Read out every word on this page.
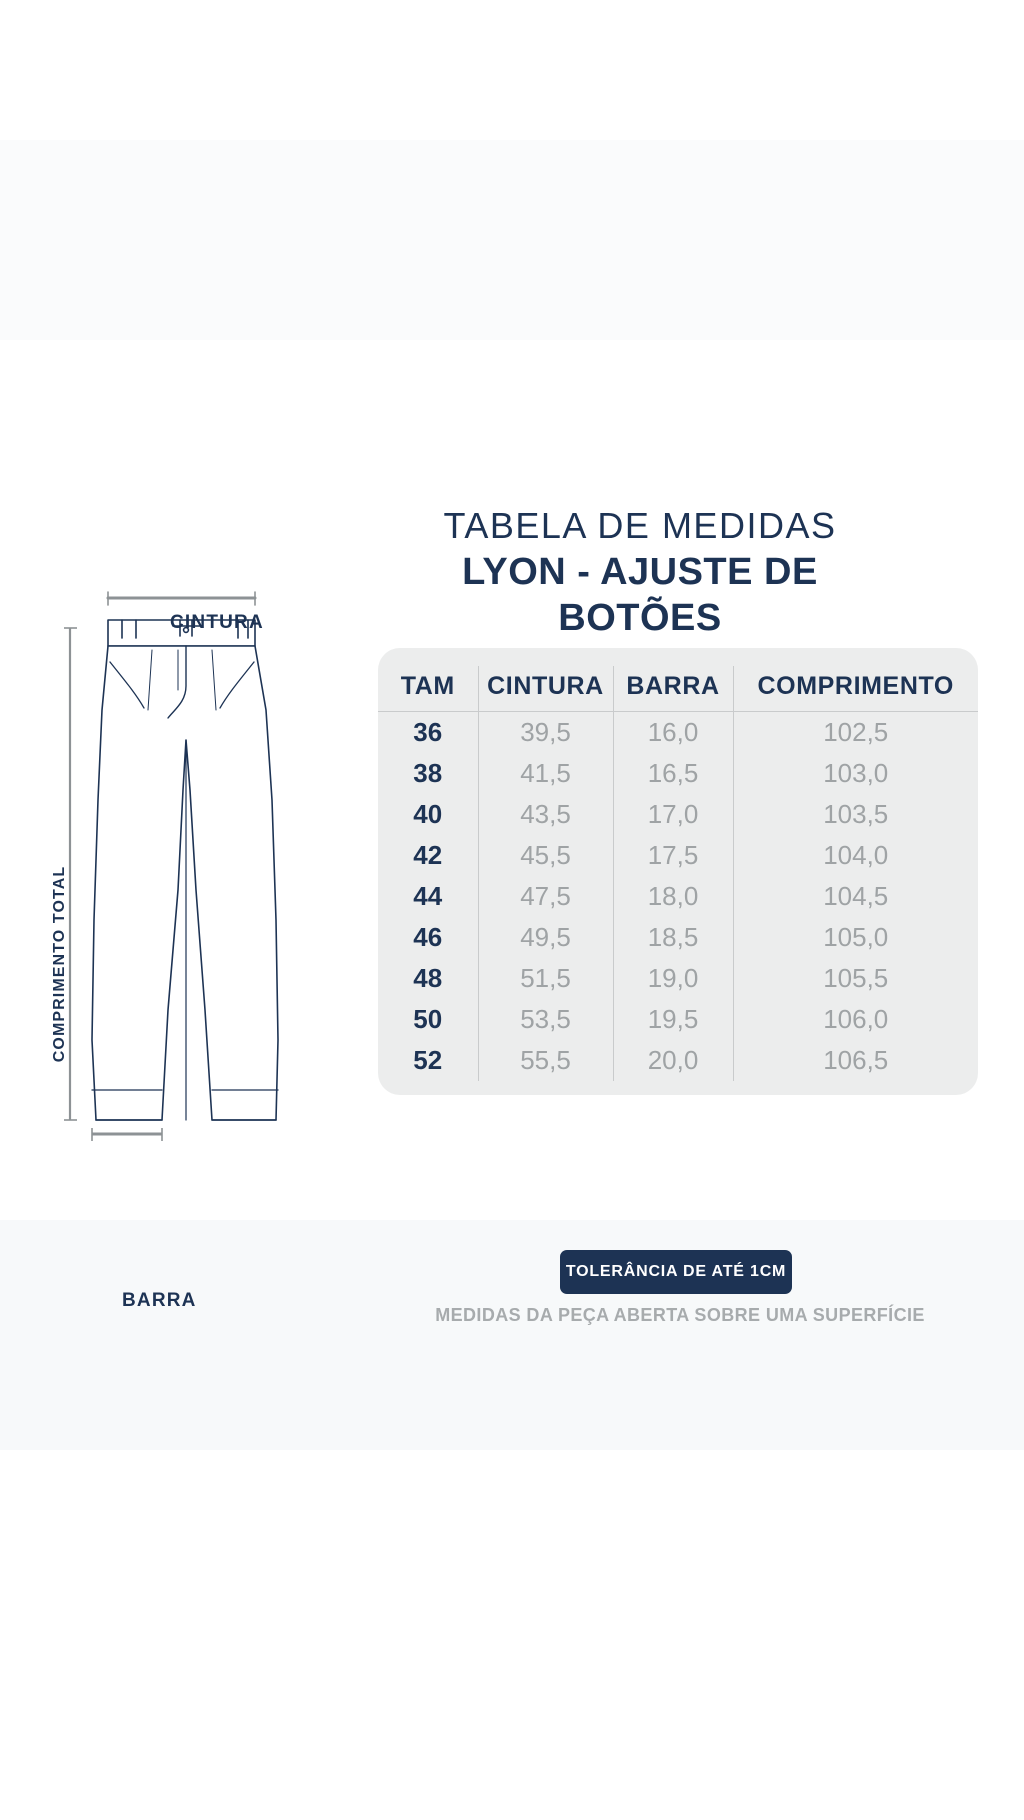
CINTURA
BARRA
COMPRIMENTO TOTAL
TABELA DE MEDIDAS
LYON - AJUSTE DE BOTÕES
TAM	CINTURA	BARRA	COMPRIMENTO
36	39,5	16,0	102,5
38	41,5	16,5	103,0
40	43,5	17,0	103,5
42	45,5	17,5	104,0
44	47,5	18,0	104,5
46	49,5	18,5	105,0
48	51,5	19,0	105,5
50	53,5	19,5	106,0
52	55,5	20,0	106,5
TOLERÂNCIA DE ATÉ 1CM
MEDIDAS DA PEÇA ABERTA SOBRE UMA SUPERFÍCIE
